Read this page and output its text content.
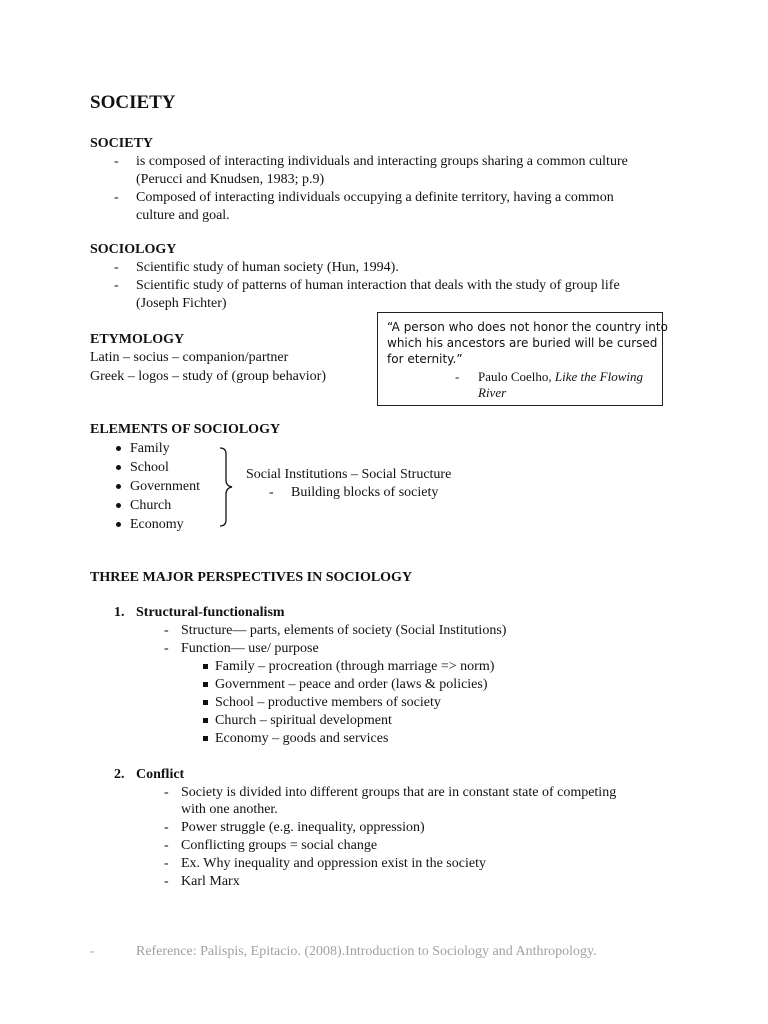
SOCIETY
SOCIETY
- is composed of interacting individuals and interacting groups sharing a common culture
(Perucci and Knudsen, 1983; p.9)
- Composed of interacting individuals occupying a definite territory, having a common
culture and goal.
SOCIOLOGY
- Scientific study of human society (Hun, 1994).
- Scientific study of patterns of human interaction that deals with the study of group life
(Joseph Fichter)
ETYMOLOGY
Latin – socius – companion/partner
Greek – logos – study of (group behavior)
“A person who does not honor the country into
which his ancestors are buried will be cursed
for eternity.”
- Paulo Coelho, Like the Flowing
River
ELEMENTS OF SOCIOLOGY
Family
School
Government
Church
Economy
Social Institutions – Social Structure
- Building blocks of society
THREE MAJOR PERSPECTIVES IN SOCIOLOGY
1. Structural-functionalism
- Structure— parts, elements of society (Social Institutions)
- Function— use/ purpose
Family – procreation (through marriage => norm)
Government – peace and order (laws & policies)
School – productive members of society
Church – spiritual development
Economy – goods and services
2. Conflict
- Society is divided into different groups that are in constant state of competing
with one another.
- Power struggle (e.g. inequality, oppression)
- Conflicting groups = social change
- Ex. Why inequality and oppression exist in the society
- Karl Marx
-	Reference: Palispis, Epitacio. (2008).Introduction to Sociology and Anthropology.
